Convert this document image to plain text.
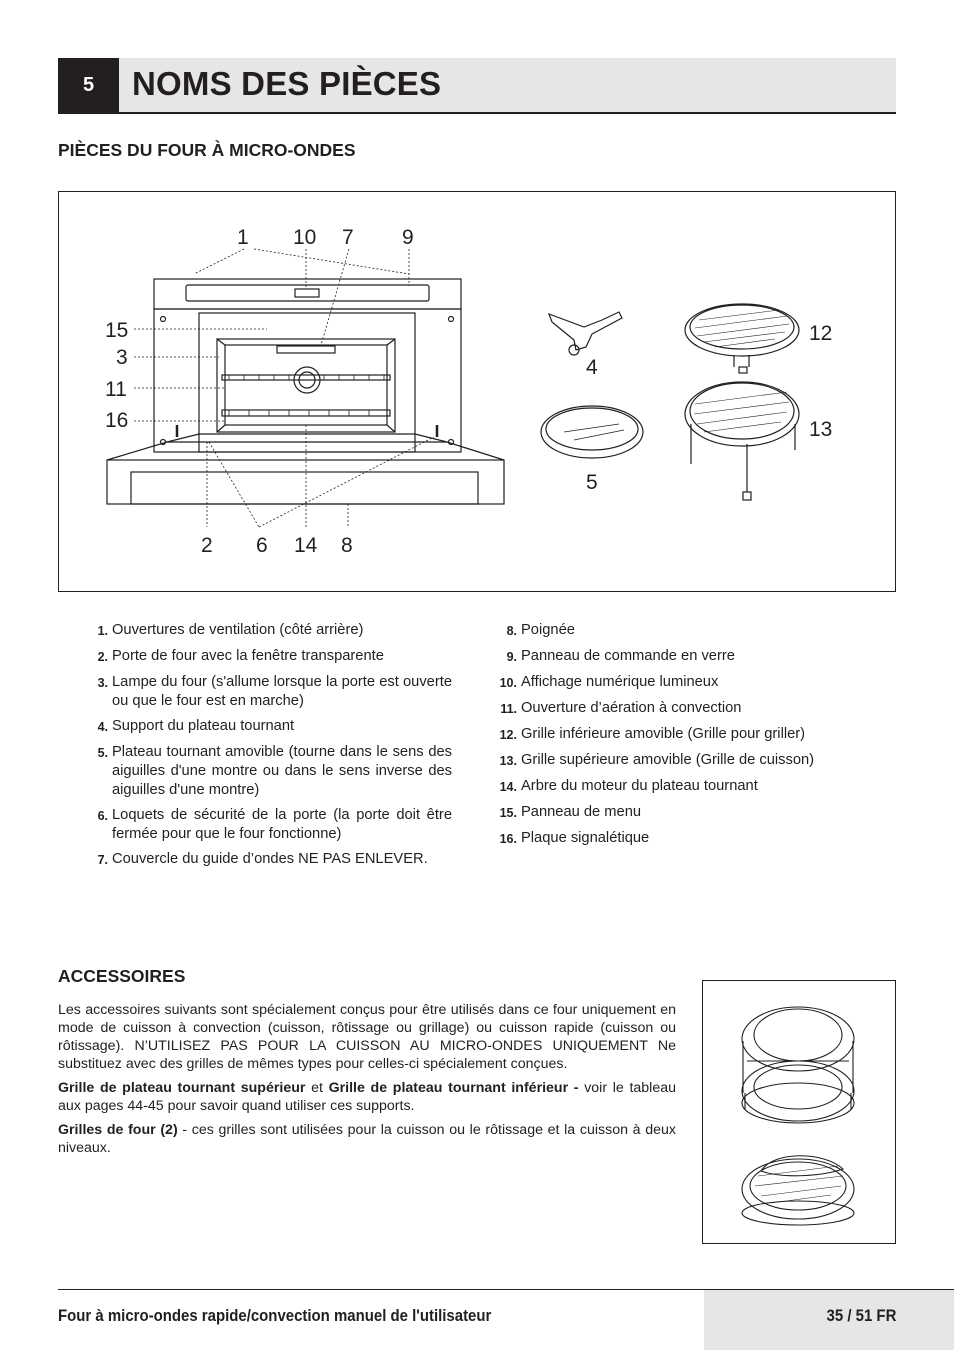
5	NOMS DES PIÈCES
PIÈCES DU FOUR À MICRO-ONDES
1 10 7 9
15
3
11
16
2 6 14 8
4
5
12
13
1. Ouvertures de ventilation (côté arrière)
2. Porte de four avec la fenêtre transparente
3. Lampe du four (s'allume lorsque la porte est ouverte ou que le four est en marche)
4. Support du plateau tournant
5. Plateau tournant amovible (tourne dans le sens des aiguilles d'une montre ou dans le sens inverse des aiguilles d'une montre)
6. Loquets de sécurité de la porte (la porte doit être fermée pour que le four fonctionne)
7. Couvercle du guide d’ondes NE PAS ENLEVER.
8. Poignée
9. Panneau de commande en verre
10. Affichage numérique lumineux
11. Ouverture d’aération à convection
12. Grille inférieure amovible (Grille pour griller)
13. Grille supérieure amovible (Grille de cuisson)
14. Arbre du moteur du plateau tournant
15. Panneau de menu
16. Plaque signalétique
ACCESSOIRES

Les accessoires suivants sont spécialement conçus pour être utilisés dans ce four uniquement en mode de cuisson à convection (cuisson, rôtissage ou grillage) ou cuisson rapide (cuisson ou rôtissage). N’UTILISEZ PAS POUR LA CUISSON AU MICRO-ONDES UNIQUEMENT Ne substituez avec des grilles de mêmes types pour celles-ci spécialement conçues.

Grille de plateau tournant supérieur et Grille de plateau tournant inférieur - voir le tableau aux pages 44-45 pour savoir quand utiliser ces supports.

Grilles de four (2) - ces grilles sont utilisées pour la cuisson ou le rôtissage et la cuisson à deux niveaux.

Four à micro-ondes rapide/convection manuel de l'utilisateur	35 / 51 FR
